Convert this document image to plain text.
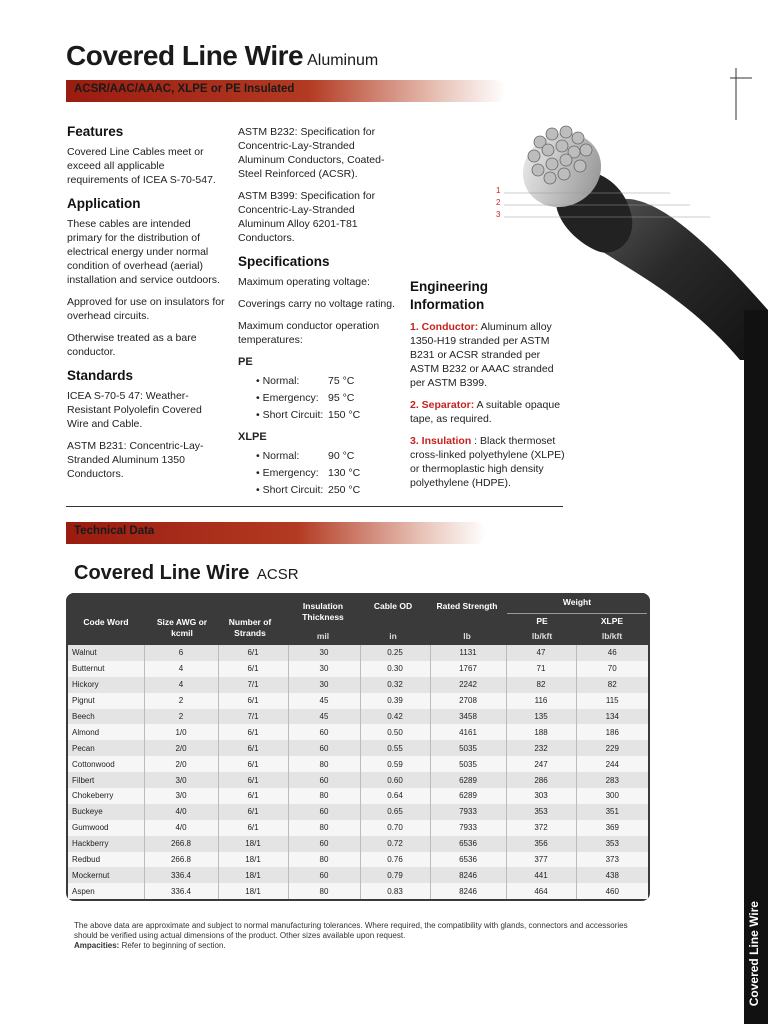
Covered Line Wire Aluminum
ACSR/AAC/AAAC, XLPE or PE Insulated
Features

Covered Line Cables meet or exceed all applicable requirements of ICEA S-70-547.

Application

These cables are intended primary for the distribution of electrical energy under normal condition of overhead (aerial) installation and service outdoors.

Approved for use on insulators for overhead circuits.

Otherwise treated as a bare conductor.

Standards

ICEA S-70-5 47: Weather-Resistant Polyolefin Covered Wire and Cable.

ASTM B231: Concentric-Lay-Stranded Aluminum 1350 Conductors.

ASTM B232: Specification for Concentric-Lay-Stranded Aluminum Conductors, Coated-Steel Reinforced (ACSR).

ASTM B399: Specification for Concentric-Lay-Stranded Aluminum Alloy 6201-T81 Conductors.

Specifications

Maximum operating voltage:

Coverings carry no voltage rating.

Maximum conductor operation temperatures:

PE
• Normal:	75 °C
• Emergency: 95 °C
• Short Circuit: 150 °C
XLPE
• Normal:	90 °C
• Emergency: 130 °C
• Short Circuit: 250 °C
Engineering
Information

1. Conductor: Aluminum alloy 1350-H19 stranded per ASTM B231 or ACSR stranded per ASTM B232 or AAAC stranded per ASTM B399.

2. Separator: A suitable opaque tape, as required.

3. Insulation : Black thermoset cross-linked polyethylene (XLPE) or thermoplastic high density polyethylene (HDPE).

1
2
3
Technical Data
Covered Line Wire ACSR
Code Word	Size AWG or kcmil
Number of Strands
Insulation Thickness
Cable OD	Rated Strength	Weight
PE	XLPE
mil	in	lb	lb/kft	lb/kft
Walnut	6	6/1	30	0.25	1131	47	46
Butternut	4	6/1	30	0.30	1767	71	70
Hickory	4	7/1	30	0.32	2242	82	82
Pignut	2	6/1	45	0.39	2708	116	115
Beech	2	7/1	45	0.42	3458	135	134
Almond	1/0	6/1	60	0.50	4161	188	186
Pecan	2/0	6/1	60	0.55	5035	232	229
Cottonwood	2/0	6/1	80	0.59	5035	247	244
Filbert	3/0	6/1	60	0.60	6289	286	283
Chokeberry	3/0	6/1	80	0.64	6289	303	300
Buckeye	4/0	6/1	60	0.65	7933	353	351
Gumwood	4/0	6/1	80	0.70	7933	372	369
Hackberry	266.8	18/1	60	0.72	6536	356	353
Redbud	266.8	18/1	80	0.76	6536	377	373
Mockernut	336.4	18/1	60	0.79	8246	441	438
Aspen	336.4	18/1	80	0.83	8246	464	460
The above data are approximate and subject to normal manufacturing tolerances. Where required, the compatibility with glands, connectors and accessories should be verified using actual dimensions of the product. Other sizes available upon request.
Ampacities: Refer to beginning of section.	Covered Line Wire
